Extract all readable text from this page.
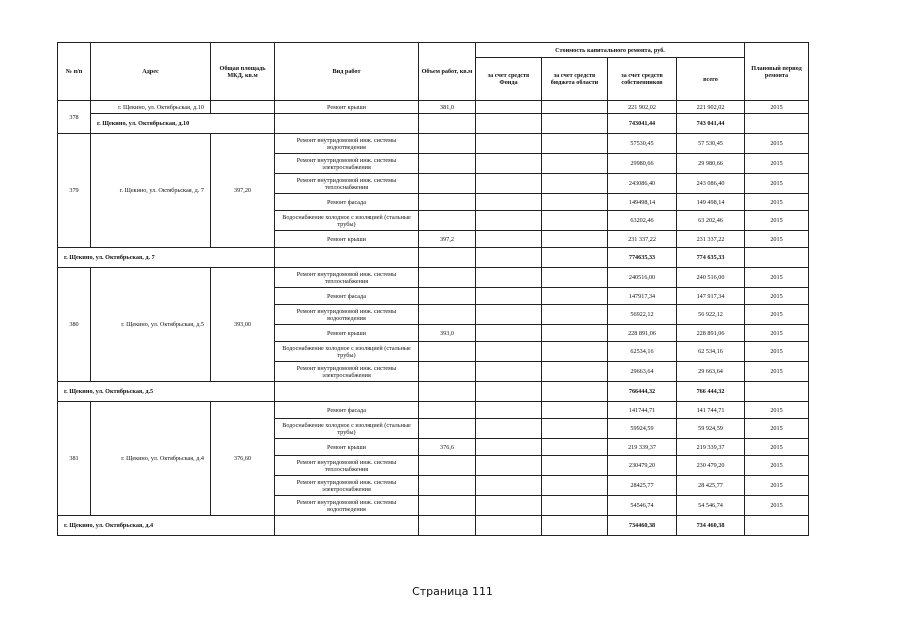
№ п/п	Адрес	Общая площадь МКД, кв.м	Вид работ	Объем работ, кв.м	Стоимость капитального ремонта, руб.				Плановый период ремонта
					за счет средств Фонда	за счет средств бюджета области	за счет средств собственников	всего	
378	г. Щекино, ул. Октябрьская, д.10		Ремонт крыши	381,0			221 902,02	221 902,02	2015
	г. Щекино, ул. Октябрьская, д.10						743041,44	743 041,44	
379	г. Щекино, ул. Октябрьская, д. 7	397,20	Ремонт внутридомовой инж. системы водоотведения				57530,45	57 530,45	2015
			Ремонт внутридомовой инж. системы электроснабжения				29980,66	29 980,66	2015
			Ремонт внутридомовой инж. системы теплоснабжения				243086,40	243 086,40	2015
			Ремонт фасада				149498,14	149 498,14	2015
			Водоснабжение холодное с изоляцией (стальные трубы)				63202,46	63 202,46	2015
			Ремонт крыши	397,2			231 337,22	231 337,22	2015
г. Щекино, ул. Октябрьская, д. 7							774635,33	774 635,33	
380	г. Щекино, ул. Октябрьская, д.5	393,00	Ремонт внутридомовой инж. системы теплоснабжения				240516,00	240 516,00	2015
			Ремонт фасада				147917,34	147 917,34	2015
			Ремонт внутридомовой инж. системы водоотведения				56922,12	56 922,12	2015
			Ремонт крыши	393,0			228 891,06	228 891,06	2015
			Водоснабжение холодное с изоляцией (стальные трубы)				62534,16	62 534,16	2015
			Ремонт внутридомовой инж. системы электроснабжения				29663,64	29 663,64	2015
г. Щекино, ул. Октябрьская, д.5							766444,32	766 444,32	
381	г. Щекино, ул. Октябрьская, д.4	376,60	Ремонт фасада				141744,71	141 744,71	2015
			Водоснабжение холодное с изоляцией (стальные трубы)				59924,59	59 924,59	2015
			Ремонт крыши	376,6			219 339,37	219 339,37	2015
			Ремонт внутридомовой инж. системы теплоснабжения				230479,20	230 479,20	2015
			Ремонт внутридомовой инж. системы электроснабжения				28425,77	28 425,77	2015
			Ремонт внутридомовой инж. системы водоотведения				54546,74	54 546,74	2015
г. Щекино, ул. Октябрьская, д.4							734460,38	734 460,38	
Страница 111
